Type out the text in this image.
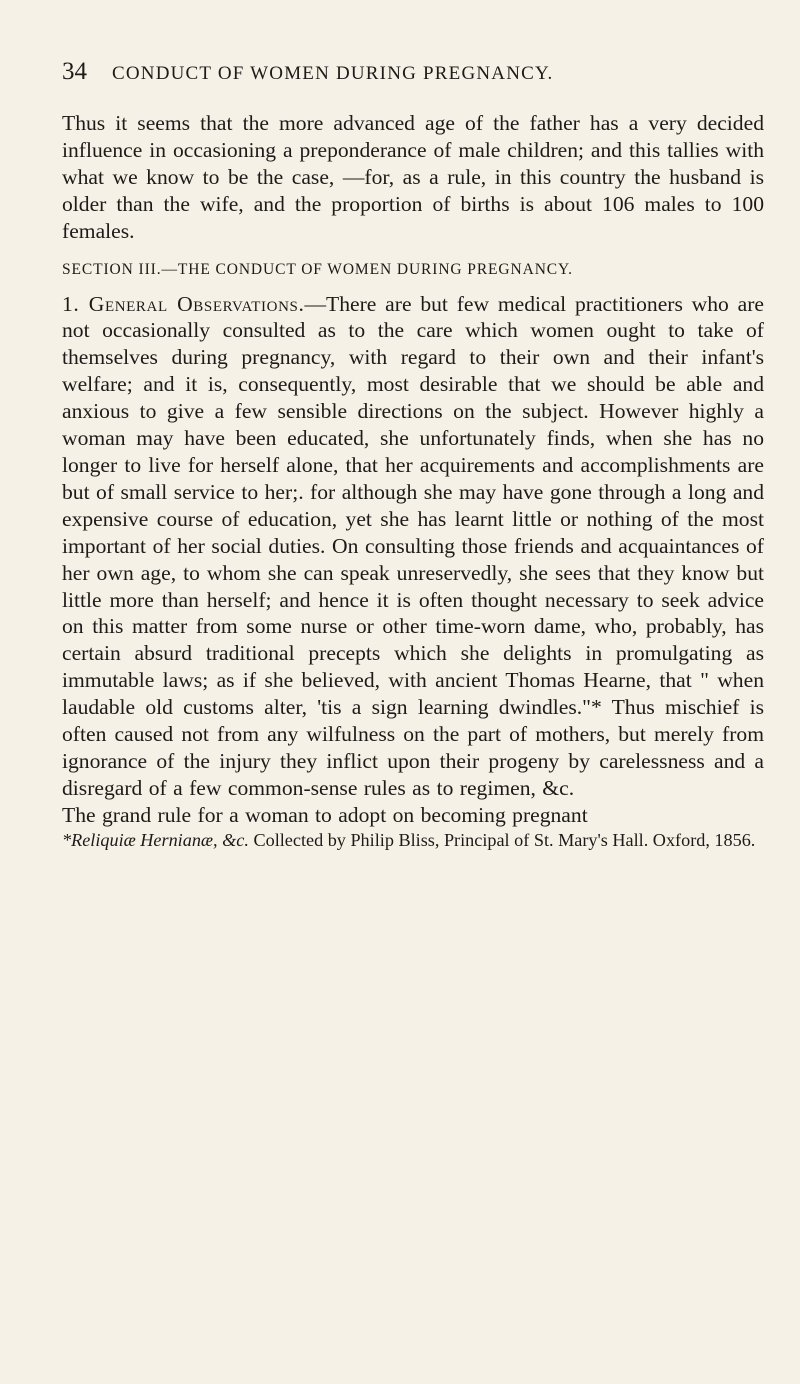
34	CONDUCT OF WOMEN DURING PREGNANCY.

Thus it seems that the more advanced age of the father has a very decided influence in occasioning a preponderance of male children; and this tallies with what we know to be the case, —for, as a rule, in this country the husband is older than the wife, and the proportion of births is about 106 males to 100 females.

SECTION III.—THE CONDUCT OF WOMEN DURING PREGNANCY.

1. General Observations.—There are but few medical practitioners who are not occasionally consulted as to the care which women ought to take of themselves during pregnancy, with regard to their own and their infant's welfare; and it is, consequently, most desirable that we should be able and anxious to give a few sensible directions on the subject. However highly a woman may have been educated, she unfortunately finds, when she has no longer to live for herself alone, that her acquirements and accomplishments are but of small service to her;. for although she may have gone through a long and expensive course of education, yet she has learnt little or nothing of the most important of her social duties. On consulting those friends and acquaintances of her own age, to whom she can speak unreservedly, she sees that they know but little more than herself; and hence it is often thought necessary to seek advice on this matter from some nurse or other time-worn dame, who, probably, has certain absurd traditional precepts which she delights in promulgating as immutable laws; as if she believed, with ancient Thomas Hearne, that " when laudable old customs alter, 'tis a sign learning dwindles."* Thus mischief is often caused not from any wilfulness on the part of mothers, but merely from ignorance of the injury they inflict upon their progeny by carelessness and a disregard of a few common-sense rules as to regimen, &c.

The grand rule for a woman to adopt on becoming pregnant

*Reliquiæ Hernianæ, &c. Collected by Philip Bliss, Principal of St. Mary's Hall. Oxford, 1856.
